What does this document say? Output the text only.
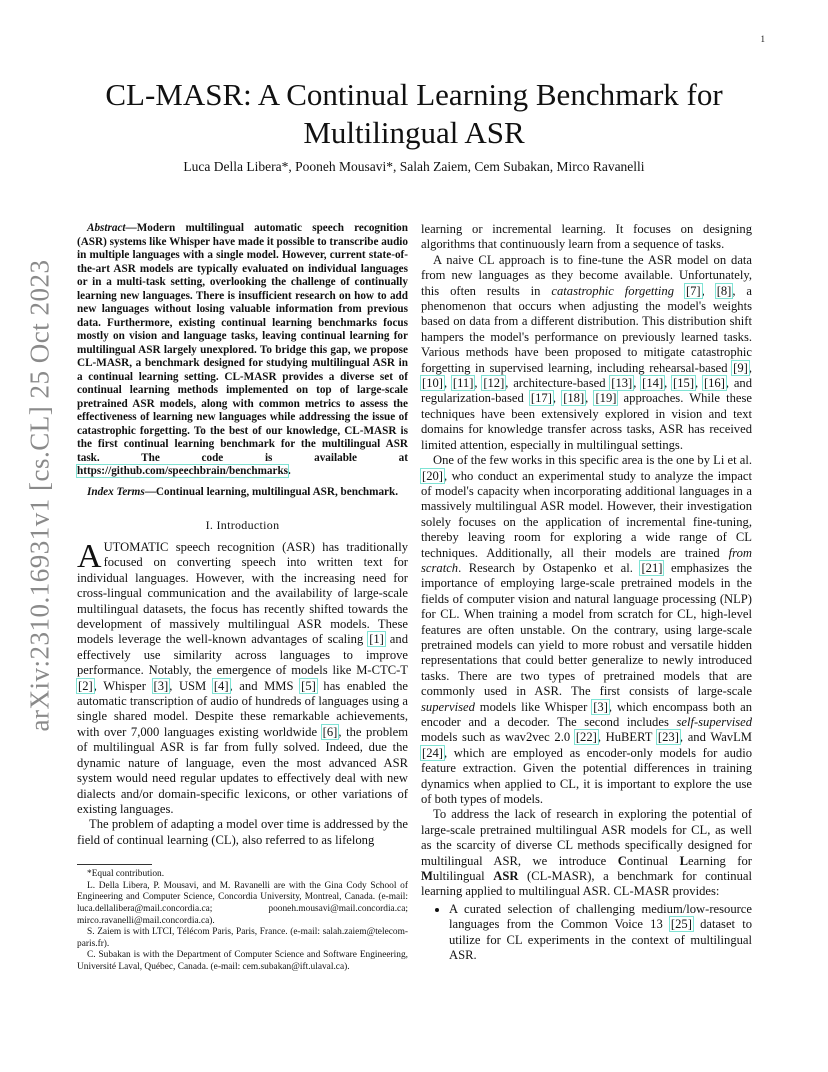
1
arXiv:2310.16931v1 [cs.CL] 25 Oct 2023
CL-MASR: A Continual Learning Benchmark for Multilingual ASR
Luca Della Libera*, Pooneh Mousavi*, Salah Zaiem, Cem Subakan, Mirco Ravanelli

Abstract—Modern multilingual automatic speech recognition (ASR) systems like Whisper have made it possible to transcribe audio in multiple languages with a single model. However, current state-of-the-art ASR models are typically evaluated on individual languages or in a multi-task setting, overlooking the challenge of continually learning new languages. There is insufficient research on how to add new languages without losing valuable information from previous data. Furthermore, existing continual learning benchmarks focus mostly on vision and language tasks, leaving continual learning for multilingual ASR largely unexplored. To bridge this gap, we propose CL-MASR, a benchmark designed for studying multilingual ASR in a continual learning setting. CL-MASR provides a diverse set of continual learning methods implemented on top of large-scale pretrained ASR models, along with common metrics to assess the effectiveness of learning new languages while addressing the issue of catastrophic forgetting. To the best of our knowledge, CL-MASR is the first continual learning benchmark for the multilingual ASR task. The code is available at https://github.com/speechbrain/benchmarks.

Index Terms—Continual learning, multilingual ASR, benchmark.

I. Introduction

AUTOMATIC speech recognition (ASR) has traditionally focused on converting speech into written text for individual languages. However, with the increasing need for cross-lingual communication and the availability of large-scale multilingual datasets, the focus has recently shifted towards the development of massively multilingual ASR models. These models leverage the well-known advantages of scaling [1] and effectively use similarity across languages to improve performance. Notably, the emergence of models like M-CTC-T [2], Whisper [3], USM [4], and MMS [5] has enabled the automatic transcription of audio of hundreds of languages using a single shared model. Despite these remarkable achievements, with over 7,000 languages existing worldwide [6], the problem of multilingual ASR is far from fully solved. Indeed, due the dynamic nature of language, even the most advanced ASR system would need regular updates to effectively deal with new dialects and/or domain-specific lexicons, or other variations of existing languages.

The problem of adapting a model over time is addressed by the field of continual learning (CL), also referred to as lifelong

*Equal contribution.

L. Della Libera, P. Mousavi, and M. Ravanelli are with the Gina Cody School of Engineering and Computer Science, Concordia University, Montreal, Canada. (e-mail: luca.dellalibera@mail.concordia.ca; pooneh.mousavi@mail.concordia.ca; mirco.ravanelli@mail.concordia.ca).

S. Zaiem is with LTCI, Télécom Paris, Paris, France. (e-mail: salah.zaiem@telecom-paris.fr).

C. Subakan is with the Department of Computer Science and Software Engineering, Université Laval, Québec, Canada. (e-mail: cem.subakan@ift.ulaval.ca).

learning or incremental learning. It focuses on designing algorithms that continuously learn from a sequence of tasks.

A naive CL approach is to fine-tune the ASR model on data from new languages as they become available. Unfortunately, this often results in catastrophic forgetting [7], [8], a phenomenon that occurs when adjusting the model's weights based on data from a different distribution. This distribution shift hampers the model's performance on previously learned tasks. Various methods have been proposed to mitigate catastrophic forgetting in supervised learning, including rehearsal-based [9], [10], [11], [12], architecture-based [13], [14], [15], [16], and regularization-based [17], [18], [19] approaches. While these techniques have been extensively explored in vision and text domains for knowledge transfer across tasks, ASR has received limited attention, especially in multilingual settings.

One of the few works in this specific area is the one by Li et al. [20], who conduct an experimental study to analyze the impact of model's capacity when incorporating additional languages in a massively multilingual ASR model. However, their investigation solely focuses on the application of incremental fine-tuning, thereby leaving room for exploring a wide range of CL techniques. Additionally, all their models are trained from scratch. Research by Ostapenko et al. [21] emphasizes the importance of employing large-scale pretrained models in the fields of computer vision and natural language processing (NLP) for CL. When training a model from scratch for CL, high-level features are often unstable. On the contrary, using large-scale pretrained models can yield to more robust and versatile hidden representations that could better generalize to newly introduced tasks. There are two types of pretrained models that are commonly used in ASR. The first consists of large-scale supervised models like Whisper [3], which encompass both an encoder and a decoder. The second includes self-supervised models such as wav2vec 2.0 [22], HuBERT [23], and WavLM [24], which are employed as encoder-only models for audio feature extraction. Given the potential differences in training dynamics when applied to CL, it is important to explore the use of both types of models.

To address the lack of research in exploring the potential of large-scale pretrained multilingual ASR models for CL, as well as the scarcity of diverse CL methods specifically designed for multilingual ASR, we introduce Continual Learning for Multilingual ASR (CL-MASR), a benchmark for continual learning applied to multilingual ASR. CL-MASR provides:

• A curated selection of challenging medium/low-resource languages from the Common Voice 13 [25] dataset to utilize for CL experiments in the context of multilingual ASR.
